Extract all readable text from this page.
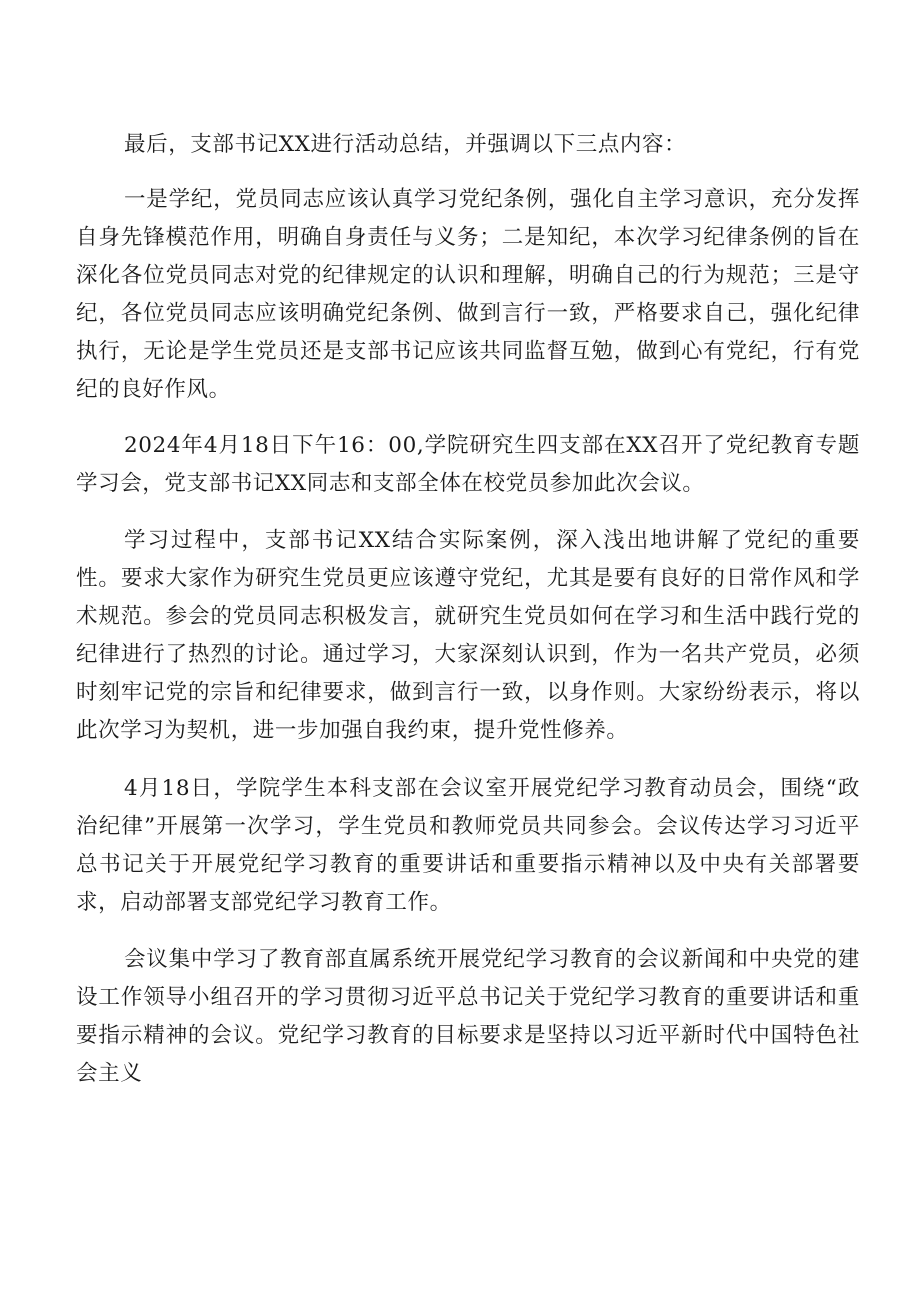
最后，支部书记XX进行活动总结，并强调以下三点内容：

一是学纪，党员同志应该认真学习党纪条例，强化自主学习意识，充分发挥自身先锋模范作用，明确自身责任与义务；二是知纪，本次学习纪律条例的旨在深化各位党员同志对党的纪律规定的认识和理解，明确自己的行为规范；三是守纪，各位党员同志应该明确党纪条例、做到言行一致，严格要求自己，强化纪律执行，无论是学生党员还是支部书记应该共同监督互勉，做到心有党纪，行有党纪的良好作风。

2024年4月18日下午16：00,学院研究生四支部在XX召开了党纪教育专题学习会，党支部书记XX同志和支部全体在校党员参加此次会议。

学习过程中，支部书记XX结合实际案例，深入浅出地讲解了党纪的重要性。要求大家作为研究生党员更应该遵守党纪，尤其是要有良好的日常作风和学术规范。参会的党员同志积极发言，就研究生党员如何在学习和生活中践行党的纪律进行了热烈的讨论。通过学习，大家深刻认识到，作为一名共产党员，必须时刻牢记党的宗旨和纪律要求，做到言行一致，以身作则。大家纷纷表示，将以此次学习为契机，进一步加强自我约束，提升党性修养。

4月18日，学院学生本科支部在会议室开展党纪学习教育动员会，围绕“政治纪律”开展第一次学习，学生党员和教师党员共同参会。会议传达学习习近平总书记关于开展党纪学习教育的重要讲话和重要指示精神以及中央有关部署要求，启动部署支部党纪学习教育工作。

会议集中学习了教育部直属系统开展党纪学习教育的会议新闻和中央党的建设工作领导小组召开的学习贯彻习近平总书记关于党纪学习教育的重要讲话和重要指示精神的会议。党纪学习教育的目标要求是坚持以习近平新时代中国特色社会主义
